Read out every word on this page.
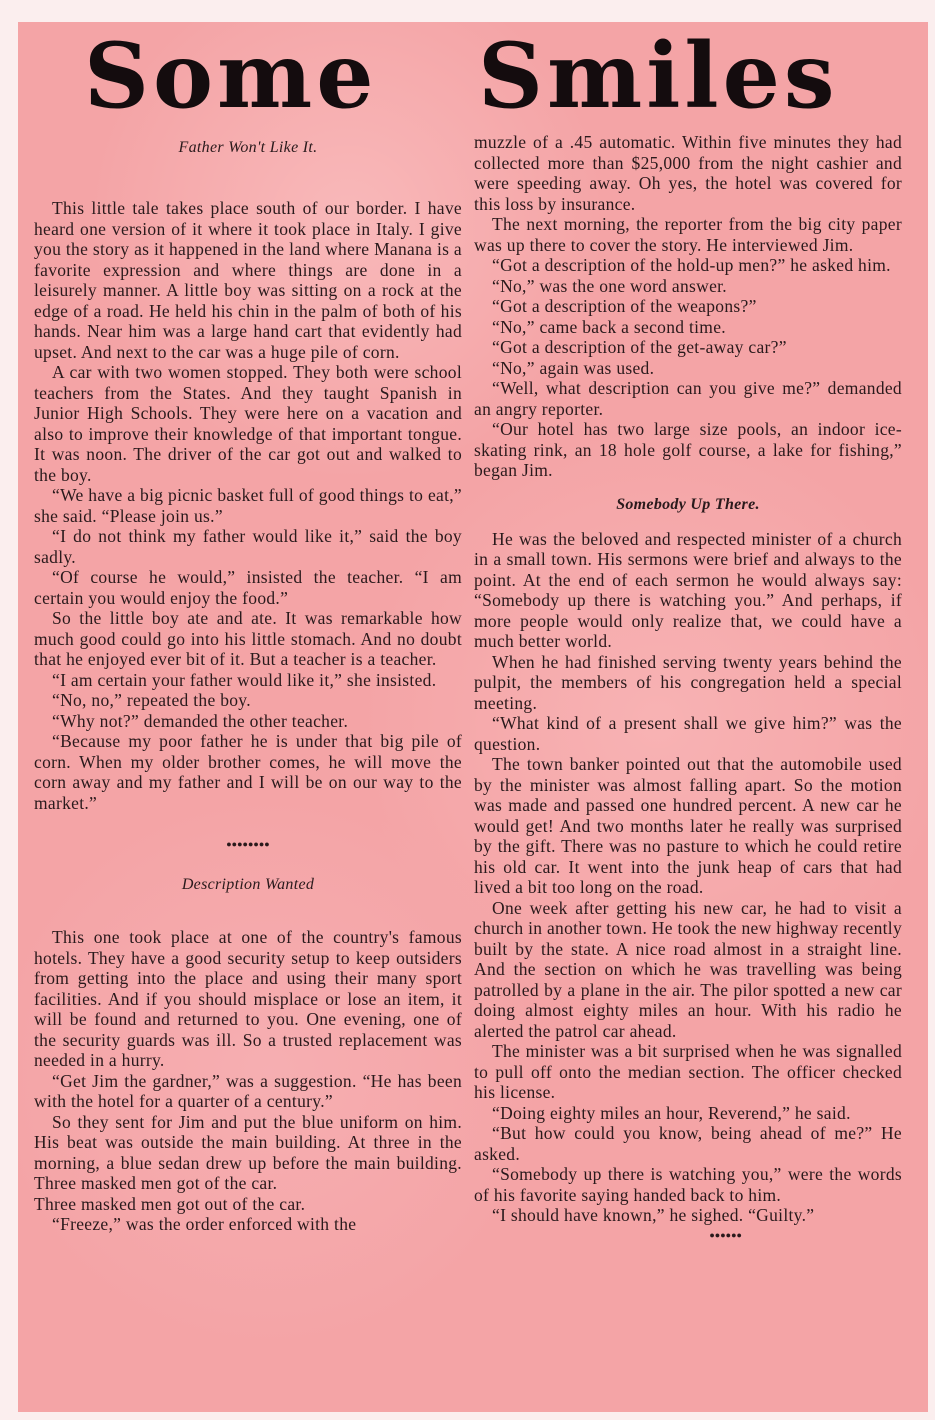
Some Smiles
Father Won't Like It.

This little tale takes place south of our border. I have heard one version of it where it took place in Italy. I give you the story as it happened in the land where Manana is a favorite expression and where things are done in a leisurely manner. A little boy was sitting on a rock at the edge of a road. He held his chin in the palm of both of his hands. Near him was a large hand cart that evidently had upset. And next to the car was a huge pile of corn.

A car with two women stopped. They both were school teachers from the States. And they taught Spanish in Junior High Schools. They were here on a vacation and also to improve their knowledge of that important tongue. It was noon. The driver of the car got out and walked to the boy.

“We have a big picnic basket full of good things to eat,” she said. “Please join us.”

“I do not think my father would like it,” said the boy sadly.

“Of course he would,” insisted the teacher. “I am certain you would enjoy the food.”

So the little boy ate and ate. It was remarkable how much good could go into his little stomach. And no doubt that he enjoyed ever bit of it. But a teacher is a teacher.

“I am certain your father would like it,” she insisted.

“No, no,” repeated the boy.

“Why not?” demanded the other teacher.

“Because my poor father he is under that big pile of corn. When my older brother comes, he will move the corn away and my father and I will be on our way to the market.”

●●●●●●●●
Description Wanted

This one took place at one of the country's famous hotels. They have a good security setup to keep outsiders from getting into the place and using their many sport facilities. And if you should misplace or lose an item, it will be found and returned to you. One evening, one of the security guards was ill. So a trusted replacement was needed in a hurry.

“Get Jim the gardner,” was a suggestion. “He has been with the hotel for a quarter of a century.”

So they sent for Jim and put the blue uniform on him. His beat was outside the main building. At three in the morning, a blue sedan drew up before the main building. Three masked men got of the car.

Three masked men got out of the car.

“Freeze,” was the order enforced with the

muzzle of a .45 automatic. Within five minutes they had collected more than $25,000 from the night cashier and were speeding away. Oh yes, the hotel was covered for this loss by insurance.

The next morning, the reporter from the big city paper was up there to cover the story. He interviewed Jim.

“Got a description of the hold-up men?” he asked him.

“No,” was the one word answer.

“Got a description of the weapons?”

“No,” came back a second time.

“Got a description of the get-away car?”

“No,” again was used.

“Well, what description can you give me?” demanded an angry reporter.

“Our hotel has two large size pools, an indoor ice-skating rink, an 18 hole golf course, a lake for fishing,” began Jim.

Somebody Up There.

He was the beloved and respected minister of a church in a small town. His sermons were brief and always to the point. At the end of each sermon he would always say: “Somebody up there is watching you.” And perhaps, if more people would only realize that, we could have a much better world.

When he had finished serving twenty years behind the pulpit, the members of his congregation held a special meeting.

“What kind of a present shall we give him?” was the question.

The town banker pointed out that the automobile used by the minister was almost falling apart. So the motion was made and passed one hundred percent. A new car he would get! And two months later he really was surprised by the gift. There was no pasture to which he could retire his old car. It went into the junk heap of cars that had lived a bit too long on the road.

One week after getting his new car, he had to visit a church in another town. He took the new highway recently built by the state. A nice road almost in a straight line. And the section on which he was travelling was being patrolled by a plane in the air. The pilor spotted a new car doing almost eighty miles an hour. With his radio he alerted the patrol car ahead.

The minister was a bit surprised when he was signalled to pull off onto the median section. The officer checked his license.

“Doing eighty miles an hour, Reverend,” he said.

“But how could you know, being ahead of me?” He asked.

“Somebody up there is watching you,” were the words of his favorite saying handed back to him.

“I should have known,” he sighed. “Guilty.”

●●●●●●
